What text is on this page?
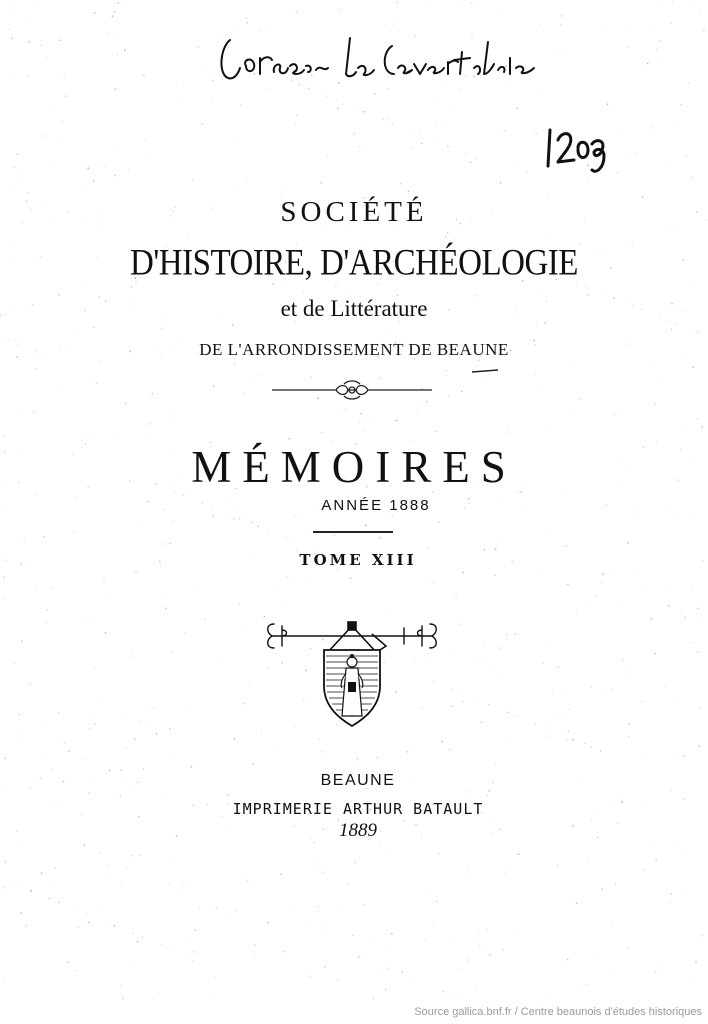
SOCIÉTÉ
D'HISTOIRE, D'ARCHÉOLOGIE
et de Littérature
DE L'ARRONDISSEMENT DE BEAUNE
MÉMOIRES
ANNÉE 1888
TOME XIII
BEAUNE
IMPRIMERIE ARTHUR BATAULT
1889
Source gallica.bnf.fr / Centre beaunois d'études historiques
